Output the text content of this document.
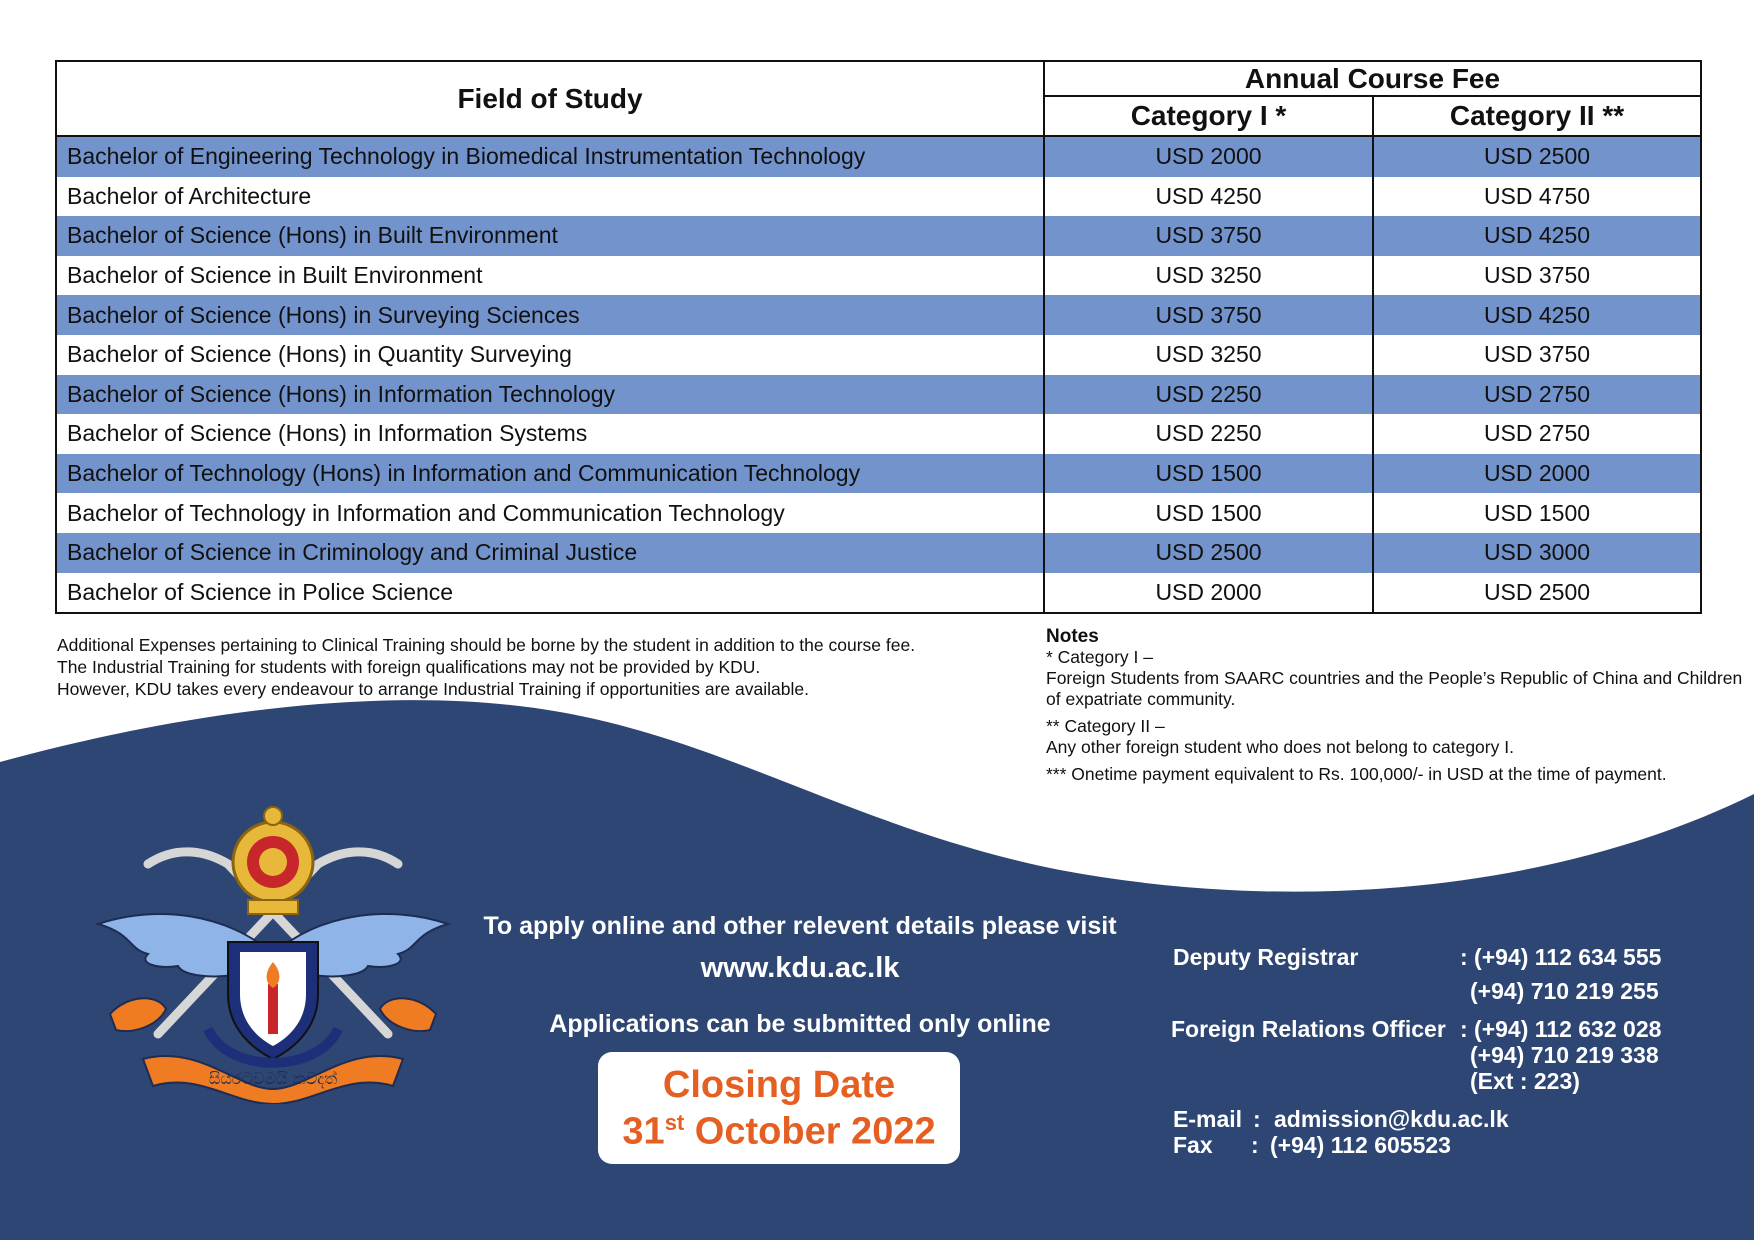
Field of Study	Annual Course Fee	
	Category I *	Category II **
Bachelor of Engineering Technology in Biomedical Instrumentation Technology	USD 2000	USD 2500
Bachelor of Architecture	USD 4250	USD 4750
Bachelor of Science (Hons) in Built Environment	USD 3750	USD 4250
Bachelor of Science in Built Environment	USD 3250	USD 3750
Bachelor of Science (Hons) in Surveying Sciences	USD 3750	USD 4250
Bachelor of Science (Hons) in Quantity Surveying	USD 3250	USD 3750
Bachelor of Science (Hons) in Information Technology	USD 2250	USD 2750
Bachelor of Science (Hons) in Information Systems	USD 2250	USD 2750
Bachelor of Technology (Hons) in Information and Communication Technology	USD 1500	USD 2000
Bachelor of Technology in Information and Communication Technology	USD 1500	USD 1500
Bachelor of Science in Criminology and Criminal Justice	USD 2500	USD 3000
Bachelor of Science in Police Science	USD 2000	USD 2500
Additional Expenses pertaining to Clinical Training should be borne by the student in addition to the course fee.
The Industrial Training for students with foreign qualifications may not be provided by KDU.
However, KDU takes every endeavour to arrange Industrial Training if opportunities are available.
Notes
* Category I –
Foreign Students from SAARC countries and the People’s Republic of China and Children of expatriate community.
** Category II –
Any other foreign student who does not belong to category I.
*** Onetime payment equivalent to Rs. 100,000/- in USD at the time of payment.
සියරටවමයි කවදත්
To apply online and other relevent details please visit
www.kdu.ac.lk
Applications can be submitted only online
Closing Date
31st October 2022
Deputy Registrar	: (+94) 112 634 555
(+94) 710 219 255
Foreign Relations Officer : (+94) 112 632 028
(+94) 710 219 338
(Ext : 223)
E-mail : admission@kdu.ac.lk
Fax : (+94) 112 605523
